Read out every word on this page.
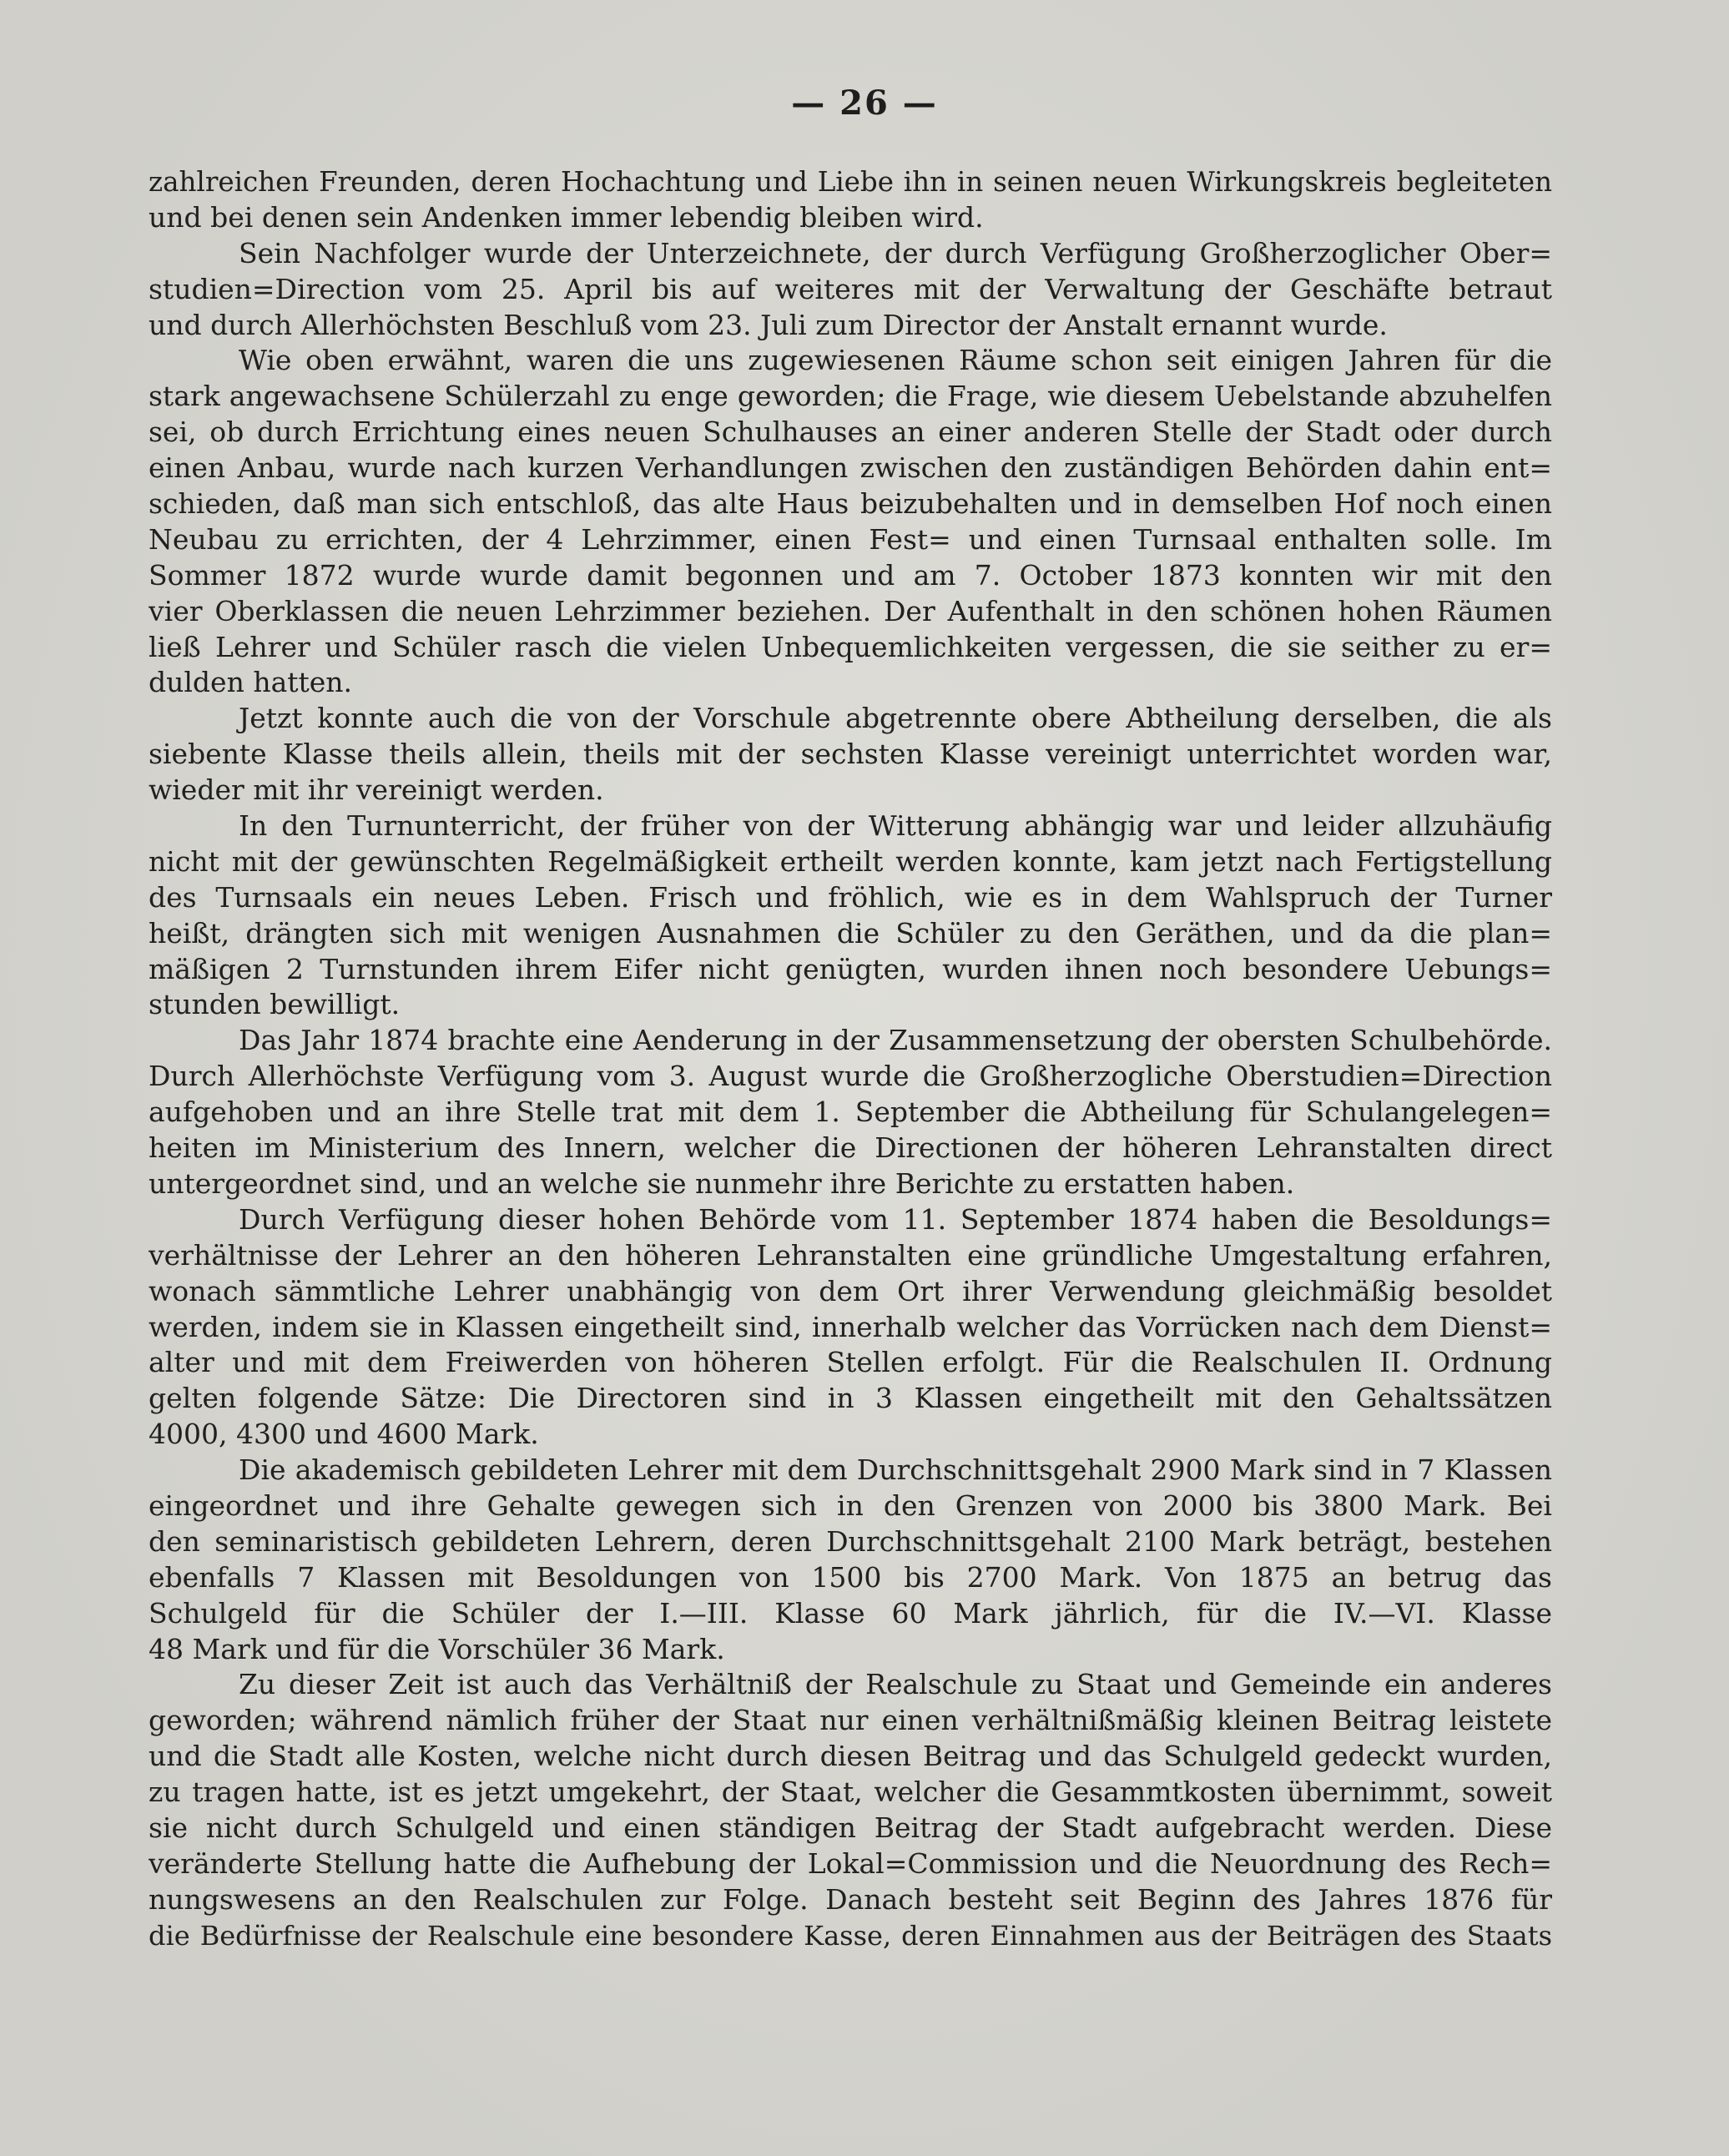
— 26 —
zahlreichen Freunden, deren Hochachtung und Liebe ihn in seinen neuen Wirkungskreis begleiteten
und bei denen sein Andenken immer lebendig bleiben wird.
Sein Nachfolger wurde der Unterzeichnete, der durch Verfügung Großherzoglicher Ober=
studien=Direction vom 25. April bis auf weiteres mit der Verwaltung der Geschäfte betraut
und durch Allerhöchsten Beschluß vom 23. Juli zum Director der Anstalt ernannt wurde.
Wie oben erwähnt, waren die uns zugewiesenen Räume schon seit einigen Jahren für die
stark angewachsene Schülerzahl zu enge geworden; die Frage, wie diesem Uebelstande abzuhelfen
sei, ob durch Errichtung eines neuen Schulhauses an einer anderen Stelle der Stadt oder durch
einen Anbau, wurde nach kurzen Verhandlungen zwischen den zuständigen Behörden dahin ent=
schieden, daß man sich entschloß, das alte Haus beizubehalten und in demselben Hof noch einen
Neubau zu errichten, der 4 Lehrzimmer, einen Fest= und einen Turnsaal enthalten solle. Im
Sommer 1872 wurde wurde damit begonnen und am 7. October 1873 konnten wir mit den
vier Oberklassen die neuen Lehrzimmer beziehen. Der Aufenthalt in den schönen hohen Räumen
ließ Lehrer und Schüler rasch die vielen Unbequemlichkeiten vergessen, die sie seither zu er=
dulden hatten.
Jetzt konnte auch die von der Vorschule abgetrennte obere Abtheilung derselben, die als
siebente Klasse theils allein, theils mit der sechsten Klasse vereinigt unterrichtet worden war,
wieder mit ihr vereinigt werden.
In den Turnunterricht, der früher von der Witterung abhängig war und leider allzuhäufig
nicht mit der gewünschten Regelmäßigkeit ertheilt werden konnte, kam jetzt nach Fertigstellung
des Turnsaals ein neues Leben. Frisch und fröhlich, wie es in dem Wahlspruch der Turner
heißt, drängten sich mit wenigen Ausnahmen die Schüler zu den Geräthen, und da die plan=
mäßigen 2 Turnstunden ihrem Eifer nicht genügten, wurden ihnen noch besondere Uebungs=
stunden bewilligt.
Das Jahr 1874 brachte eine Aenderung in der Zusammensetzung der obersten Schulbehörde.
Durch Allerhöchste Verfügung vom 3. August wurde die Großherzogliche Oberstudien=Direction
aufgehoben und an ihre Stelle trat mit dem 1. September die Abtheilung für Schulangelegen=
heiten im Ministerium des Innern, welcher die Directionen der höheren Lehranstalten direct
untergeordnet sind, und an welche sie nunmehr ihre Berichte zu erstatten haben.
Durch Verfügung dieser hohen Behörde vom 11. September 1874 haben die Besoldungs=
verhältnisse der Lehrer an den höheren Lehranstalten eine gründliche Umgestaltung erfahren,
wonach sämmtliche Lehrer unabhängig von dem Ort ihrer Verwendung gleichmäßig besoldet
werden, indem sie in Klassen eingetheilt sind, innerhalb welcher das Vorrücken nach dem Dienst=
alter und mit dem Freiwerden von höheren Stellen erfolgt. Für die Realschulen II. Ordnung
gelten folgende Sätze: Die Directoren sind in 3 Klassen eingetheilt mit den Gehaltssätzen
4000, 4300 und 4600 Mark.
Die akademisch gebildeten Lehrer mit dem Durchschnittsgehalt 2900 Mark sind in 7 Klassen
eingeordnet und ihre Gehalte gewegen sich in den Grenzen von 2000 bis 3800 Mark. Bei
den seminaristisch gebildeten Lehrern, deren Durchschnittsgehalt 2100 Mark beträgt, bestehen
ebenfalls 7 Klassen mit Besoldungen von 1500 bis 2700 Mark. Von 1875 an betrug das
Schulgeld für die Schüler der I.—III. Klasse 60 Mark jährlich, für die IV.—VI. Klasse
48 Mark und für die Vorschüler 36 Mark.
Zu dieser Zeit ist auch das Verhältniß der Realschule zu Staat und Gemeinde ein anderes
geworden; während nämlich früher der Staat nur einen verhältnißmäßig kleinen Beitrag leistete
und die Stadt alle Kosten, welche nicht durch diesen Beitrag und das Schulgeld gedeckt wurden,
zu tragen hatte, ist es jetzt umgekehrt, der Staat, welcher die Gesammtkosten übernimmt, soweit
sie nicht durch Schulgeld und einen ständigen Beitrag der Stadt aufgebracht werden. Diese
veränderte Stellung hatte die Aufhebung der Lokal=Commission und die Neuordnung des Rech=
nungswesens an den Realschulen zur Folge. Danach besteht seit Beginn des Jahres 1876 für
die Bedürfnisse der Realschule eine besondere Kasse, deren Einnahmen aus der Beiträgen des Staats
